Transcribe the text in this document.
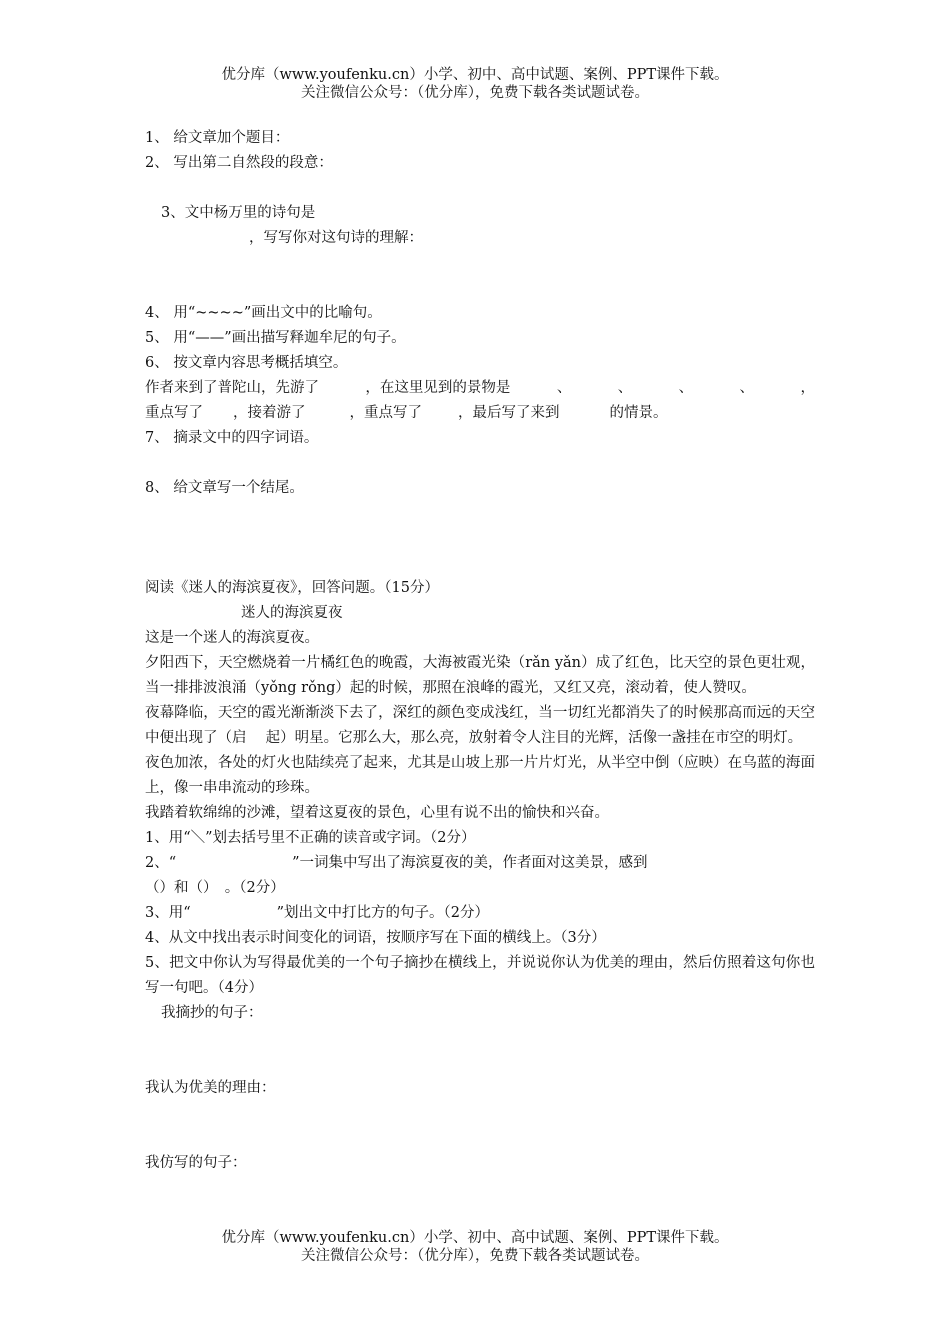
优分库（www.youfenku.cn）小学、初中、高中试题、案例、PPT课件下载。
关注微信公众号：（优分库），免费下载各类试题试卷。
1、 给文章加个题目：
2、 写出第二自然段的段意：
3、文中杨万里的诗句是
，写写你对这句诗的理解：
4、 用“~~~~”画出文中的比喻句。
5、 用“——”画出描写释迦牟尼的句子。
6、 按文章内容思考概括填空。
作者来到了普陀山，先游了	，在这里见到的景物是	、	、	、	、	，
重点写了 ，接着游了	，重点写了 ，最后写了来到	的情景。
7、 摘录文中的四字词语。
8、 给文章写一个结尾。
阅读《迷人的海滨夏夜》，回答问题。（15分）
迷人的海滨夏夜
这是一个迷人的海滨夏夜。
夕阳西下，天空燃烧着一片橘红色的晚霞，大海被霞光染（rǎn yǎn）成了红色，比天空的景色更壮观，当一排排波浪涌（yǒng rǒng）起的时候，那照在浪峰的霞光，又红又亮，滚动着，使人赞叹。
夜幕降临，天空的霞光渐渐淡下去了，深红的颜色变成浅红，当一切红光都消失了的时候那高而远的天空中便出现了（启　 起）明星。它那么大，那么亮，放射着令人注目的光辉，活像一盏挂在市空的明灯。
夜色加浓，各处的灯火也陆续亮了起来，尤其是山坡上那一片片灯光，从半空中倒（应映）在乌蓝的海面上，像一串串流动的珍珠。
我踏着软绵绵的沙滩，望着这夏夜的景色，心里有说不出的愉快和兴奋。
1、用“＼”划去括号里不正确的读音或字词。（2分）
2、“	”一词集中写出了海滨夏夜的美，作者面对这美景，感到
（）和（）　。（2分）
3、用“	”划出文中打比方的句子。（2分）
4、从文中找出表示时间变化的词语，按顺序写在下面的横线上。（3分）
5、把文中你认为写得最优美的一个句子摘抄在横线上，并说说你认为优美的理由，然后仿照着这句你也写一句吧。（4分）
我摘抄的句子：
我认为优美的理由：
我仿写的句子：
优分库（www.youfenku.cn）小学、初中、高中试题、案例、PPT课件下载。
关注微信公众号：（优分库），免费下载各类试题试卷。
